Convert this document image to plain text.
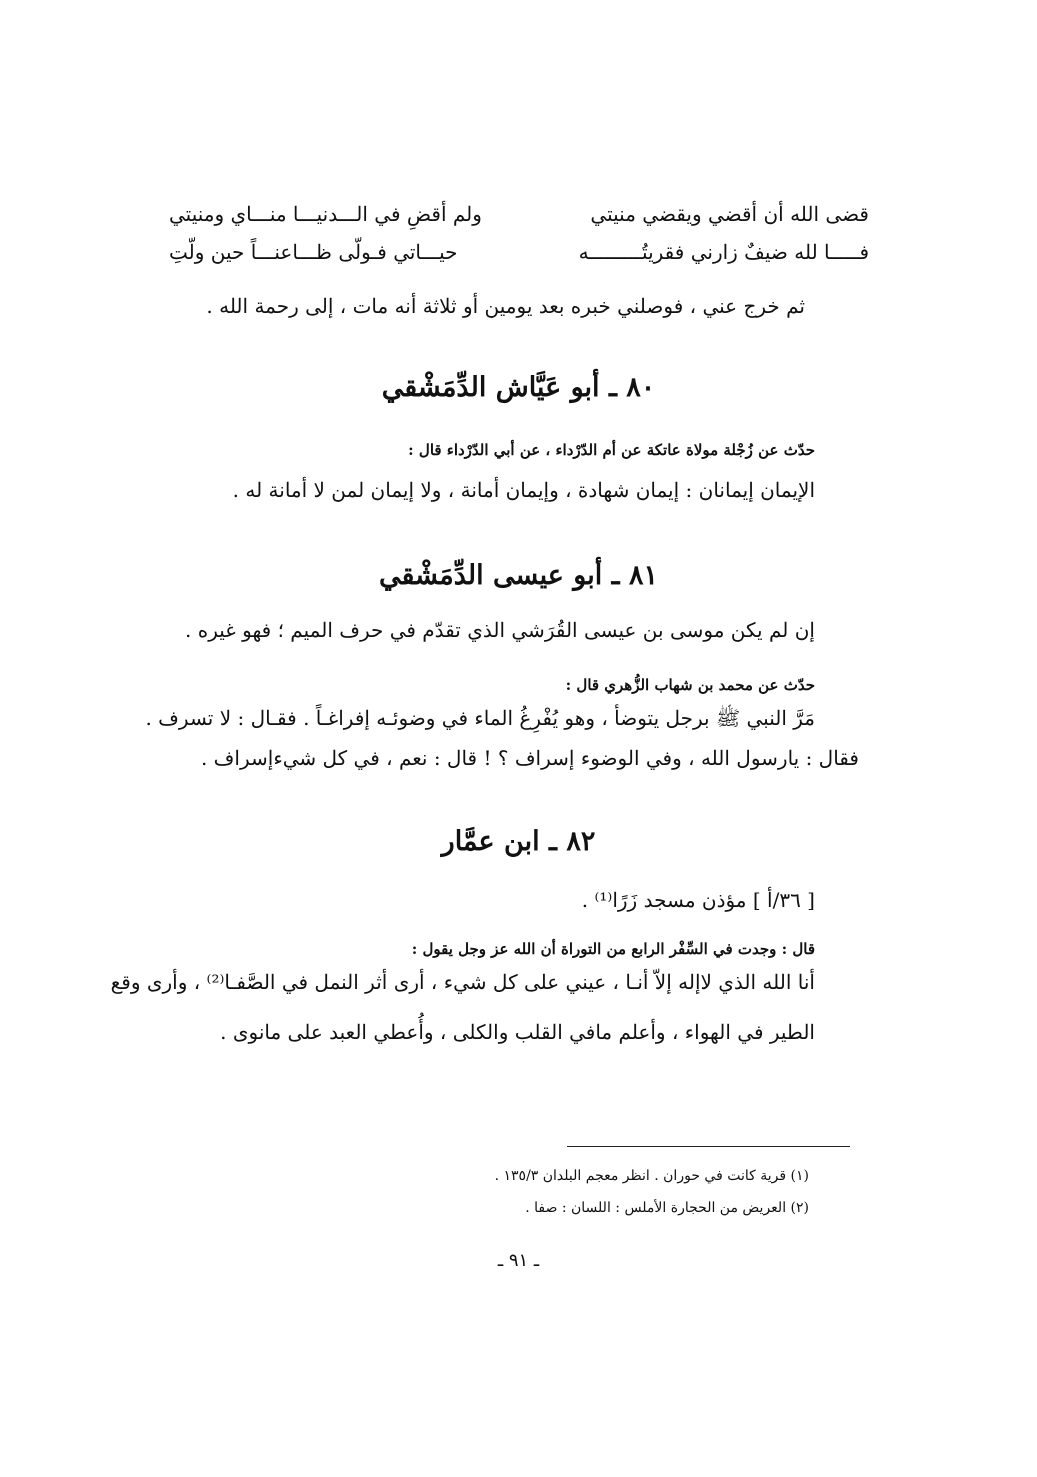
قضى الله أن أقضي ويقضي منيتي
ولم أقضِ في الـــدنيـــا منـــاي ومنيتي
فـــــا لله ضيفٌ زارني فقريتُـــــــــه
حيـــاتي فـولّى ظـــاعنـــاً حين ولّتِ
ثم خرج عني ، فوصلني خبره بعد يومين أو ثلاثة أنه مات ، إلى رحمة الله .
٨٠ ـ أبو عَيَّاش الدِّمَشْقي
حدّث عن زُجْلة مولاة عاتكة عن أم الدّرْداء ، عن أبي الدّرْداء قال :
الإيمان إيمانان : إيمان شهادة ، وإيمان أمانة ، ولا إيمان لمن لا أمانة له .
٨١ ـ أبو عيسى الدِّمَشْقي
إن لم يكن موسى بن عيسى القُرَشي الذي تقدّم في حرف الميم ؛ فهو غيره .
حدّث عن محمد بن شهاب الزُّهري قال :
مَرَّ النبي ﷺ برجل يتوضأ ، وهو يُفْرِغُ الماء في وضوئـه إفراغـاً . فقـال : لا تسرف .
فقال : يارسول الله ، وفي الوضوء إسراف ؟ ! قال : نعم ، في كل شيءإسراف .
٨٢ ـ ابن عمَّار
[ ٣٦/أ ] مؤذن مسجد زَرًا⁽¹⁾ .
قال : وجدت في السِّفْر الرابع من التوراة أن الله عز وجل يقول :
أنا الله الذي لاإله إلاّ أنـا ، عيني على كل شيء ، أرى أثر النمل في الصَّفـا⁽²⁾ ، وأرى وقع
الطير في الهواء ، وأعلم مافي القلب والكلى ، وأُعطي العبد على مانوى .
(١) قرية كانت في حوران . انظر معجم البلدان ١٣٥/٣ .
(٢) العريض من الحجارة الأملس : اللسان : صفا .
ـ ٩١ ـ
